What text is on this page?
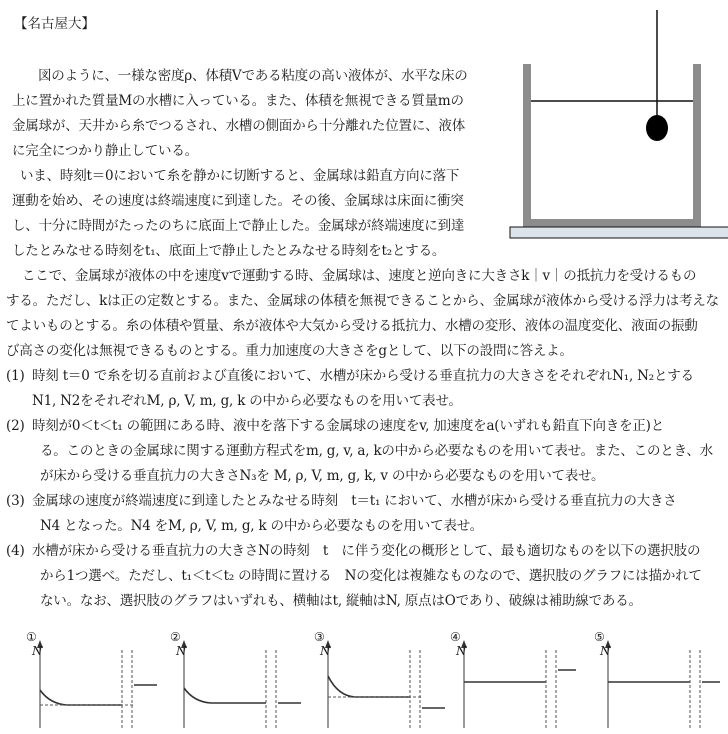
【名古屋大】
図のように、一様な密度ρ、体積Vである粘度の高い液体が、水平な床の
上に置かれた質量Mの水槽に入っている。また、体積を無視できる質量mの
金属球が、天井から糸でつるされ、水槽の側面から十分離れた位置に、液体
に完全につかり静止している。
いま、時刻t＝0において糸を静かに切断すると、金属球は鉛直方向に落下
運動を始め、その速度は終端速度に到達した。その後、金属球は床面に衝突
し、十分に時間がたったのちに底面上で静止した。金属球が終端速度に到達
したとみなせる時刻をt₁、底面上で静止したとみなせる時刻をt₂とする。
ここで、金属球が液体の中を速度vで運動する時、金属球は、速度と逆向きに大きさk｜v｜の抵抗力を受けるもの
する。ただし、kは正の定数とする。また、金属球の体積を無視できることから、金属球が液体から受ける浮力は考えな
てよいものとする。糸の体積や質量、糸が液体や大気から受ける抵抗力、水槽の変形、液体の温度変化、液面の振動
び高さの変化は無視できるものとする。重力加速度の大きさをgとして、以下の設問に答えよ。
(1) 時刻 t＝0 で糸を切る直前および直後において、水槽が床から受ける垂直抗力の大きさをそれぞれN₁, N₂とする
N1, N2をそれぞれM, ρ, V, m, g, k の中から必要なものを用いて表せ。
(2) 時刻が0＜t＜t₁ の範囲にある時、液中を落下する金属球の速度をv, 加速度をa(いずれも鉛直下向きを正)と
る。このときの金属球に関する運動方程式をm, g, v, a, kの中から必要なものを用いて表せ。また、このとき、水
が床から受ける垂直抗力の大きさN₃を M, ρ, V, m, g, k, v の中から必要なものを用いて表せ。
(3) 金属球の速度が終端速度に到達したとみなせる時刻　t＝t₁ において、水槽が床から受ける垂直抗力の大きさ
N4 となった。N4 をM, ρ, V, m, g, k の中から必要なものを用いて表せ。
(4) 水槽が床から受ける垂直抗力の大きさNの時刻　t　に伴う変化の概形として、最も適切なものを以下の選択肢の
から1つ選べ。ただし、t₁＜t＜t₂ の時間に置ける　Nの変化は複雑なものなので、選択肢のグラフには描かれて
ない。なお、選択肢のグラフはいずれも、横軸はt, 縦軸はN, 原点はOであり、破線は補助線である。
①
N
②
N
③
N
④
N
⑤
N
